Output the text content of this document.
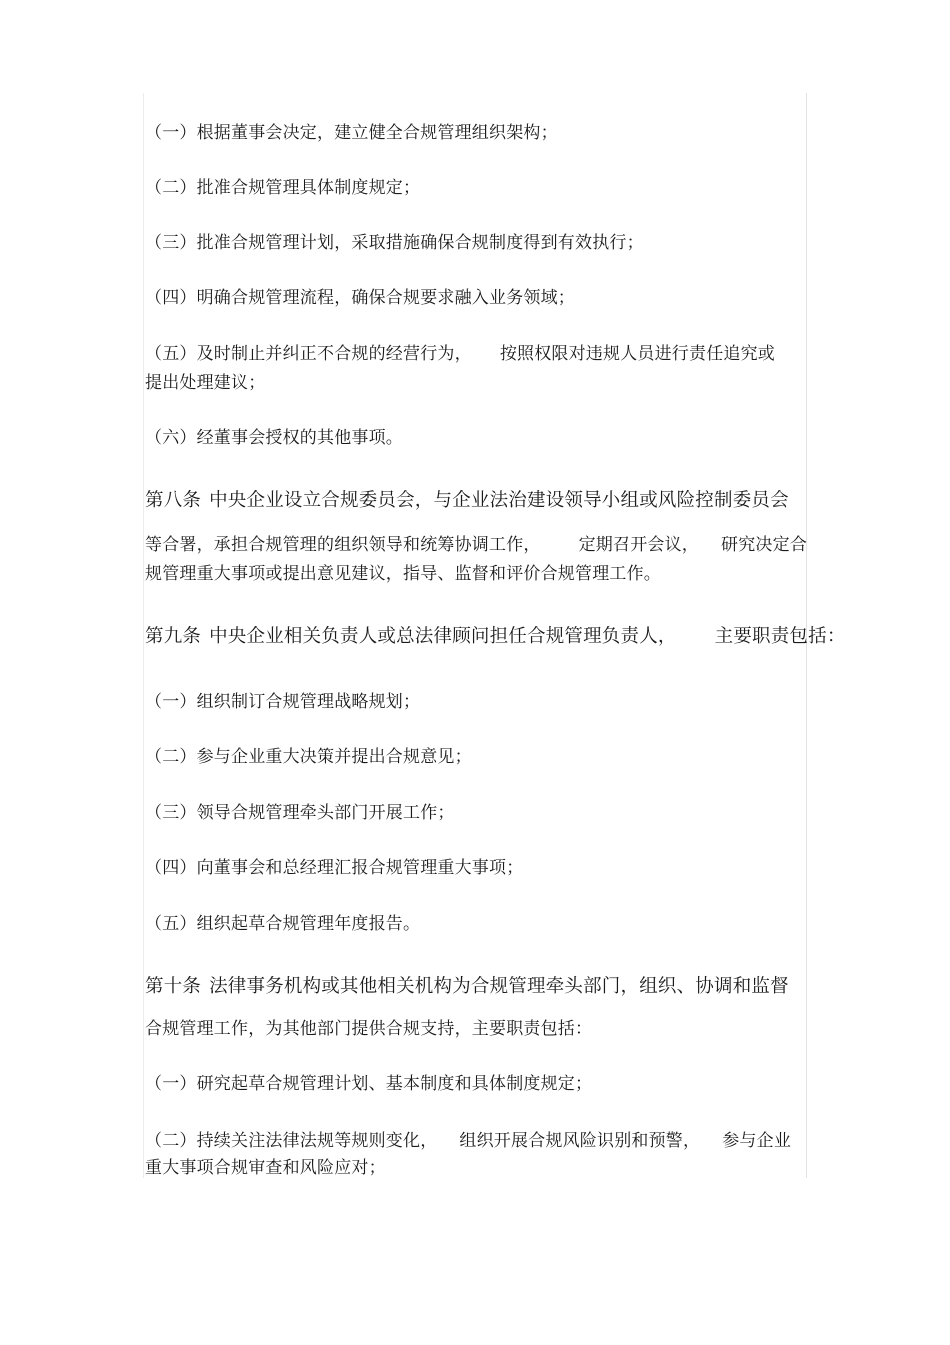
（一）根据董事会决定，建立健全合规管理组织架构；
（二）批准合规管理具体制度规定；
（三）批准合规管理计划，采取措施确保合规制度得到有效执行；
（四）明确合规管理流程，确保合规要求融入业务领域；
（五）及时制止并纠正不合规的经营行为， 按照权限对违规人员进行责任追究或
提出处理建议；
（六）经董事会授权的其他事项。
第八条 中央企业设立合规委员会，与企业法治建设领导小组或风险控制委员会
等合署，承担合规管理的组织领导和统筹协调工作， 定期召开会议， 研究决定合
规管理重大事项或提出意见建议，指导、监督和评价合规管理工作。
第九条 中央企业相关负责人或总法律顾问担任合规管理负责人， 主要职责包括：
（一）组织制订合规管理战略规划；
（二）参与企业重大决策并提出合规意见；
（三）领导合规管理牵头部门开展工作；
（四）向董事会和总经理汇报合规管理重大事项；
（五）组织起草合规管理年度报告。
第十条 法律事务机构或其他相关机构为合规管理牵头部门，组织、协调和监督
合规管理工作，为其他部门提供合规支持，主要职责包括：
（一）研究起草合规管理计划、基本制度和具体制度规定；
（二）持续关注法律法规等规则变化， 组织开展合规风险识别和预警， 参与企业
重大事项合规审查和风险应对；
